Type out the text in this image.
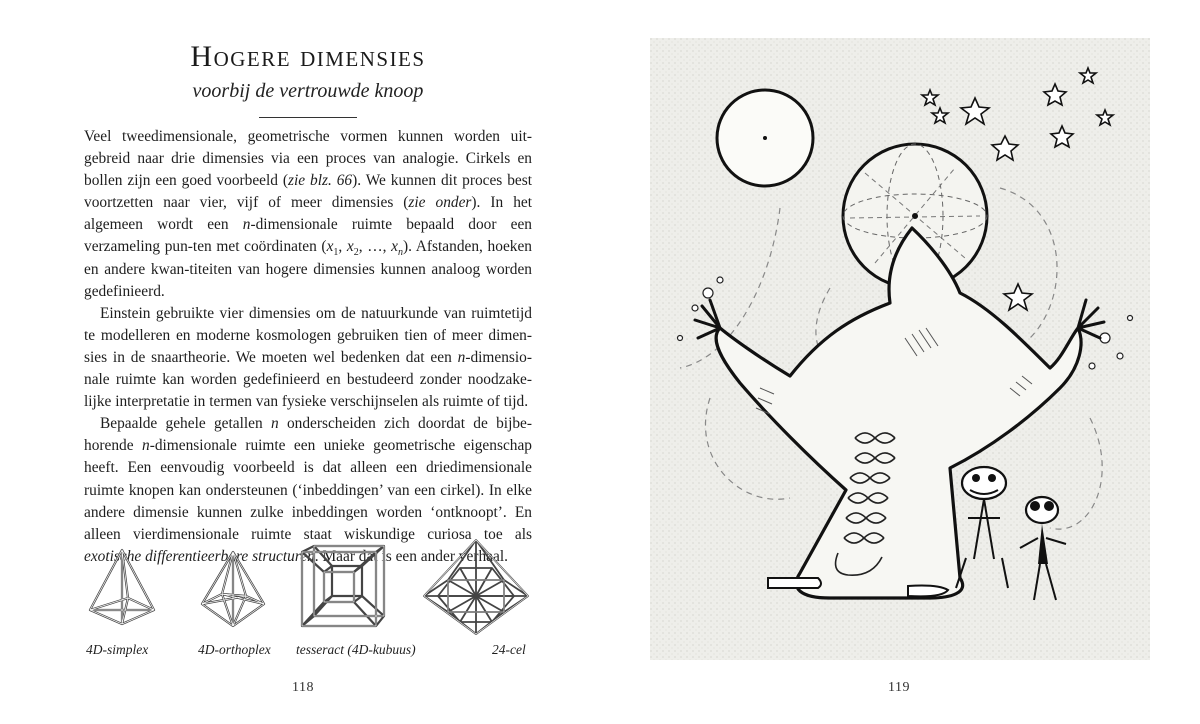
Hogere dimensies
voorbij de vertrouwde knoop

Veel tweedimensionale, geometrische vormen kunnen worden uit-gebreid naar drie dimensies via een proces van analogie. Cirkels en bollen zijn een goed voorbeeld (zie blz. 66). We kunnen dit proces best voortzetten naar vier, vijf of meer dimensies (zie onder). In het algemeen wordt een n-dimensionale ruimte bepaald door een verzameling pun-ten met coördinaten ($x_1$, $x_2$, …, $x_n$). Afstanden, hoeken en andere kwan-titeiten van hogere dimensies kunnen analoog worden gedefinieerd.

Einstein gebruikte vier dimensies om de natuurkunde van ruimtetijd te modelleren en moderne kosmologen gebruiken tien of meer dimen-sies in de snaartheorie. We moeten wel bedenken dat een n-dimensio-nale ruimte kan worden gedefinieerd en bestudeerd zonder noodzake-lijke interpretatie in termen van fysieke verschijnselen als ruimte of tijd.

Bepaalde gehele getallen n onderscheiden zich doordat de bijbe-horende n-dimensionale ruimte een unieke geometrische eigenschap heeft. Een eenvoudig voorbeeld is dat alleen een driedimensionale ruimte knopen kan ondersteunen (‘inbeddingen’ van een cirkel). In elke andere dimensie kunnen zulke inbeddingen worden ‘ontknoopt’. En alleen vierdimensionale ruimte staat wiskundige curiosa toe als exotische differentieerbare structuren. Maar dat is een ander verhaal.

4D-simplex	4D-orthoplex tesseract (4D-kubuus)	24-cel
118	119
